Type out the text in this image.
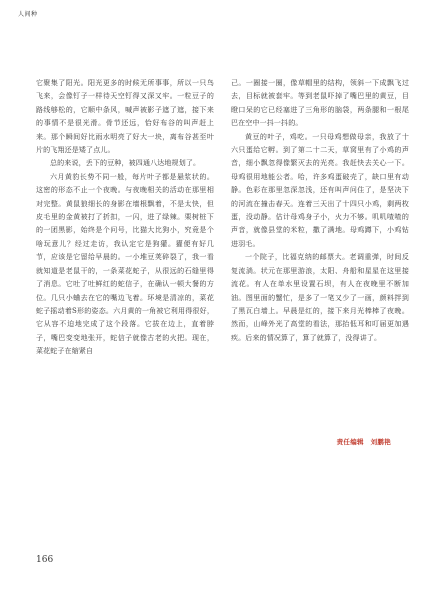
人间种

它聚集了阳光。阳光更多的时候无所事事，所以一只鸟飞来，会像钉子一样待天空钉得又深又牢。一粒豆子的路线够松的，它顺中条风，喊声被影子遮了遮，接下来的事情不是很光滑。骨节还远，恰好布谷的叫声赶上来。那个瞬间好比雨水明亮了好大一块，离布谷甚至叶片的飞翔还是矮了点儿。

总的来说，丢下的豆种，被四通八达地规划了。

六月黄豹长势不同一般，每片叶子都是悬浆状的。这密的形态不止一个夜晚。与夜晚相关的活动在那里相对完整。黄鼠狼细长的身影在墙根飘着，不是太快，但皮毛里的金黄被打了折扣，一闪，进了绿辣。栗树桩下的一团黑影，始终是个问号，比猫大比狗小，究竟是个啥玩意儿？经过走访，我认定它是狗獾。獾便有好几节，应该是它留给早晨的。一小堆豆荚碎裂了，我一看就知道是老鼠干的，一条菜花蛇子，从很远的石缝里得了消息。它吐了吐鲜红的蛇信子，在确认一顿大餐的方位。几只小蛐去在它的嘴边飞着。环境是清凉的，菜花蛇子摇动着S形的姿态。六月黄的一角被它利用得很好，它从容不迫地完成了这个段落。它拔在边上，直着脖子，嘴巴变变地张开，蛇信子就像古老的火把。现在，菜花蛇子在缩紧自

己。一圈接一圈，像草帽里的结构，领斜一下成飘飞过去，目标就被套牢。等到老鼠吓掉了嘴巴里的黄豆，目瞪口呆的它已经塞进了三角形的脑袋，两条腿和一根尾巴在空中一抖一抖的。

黄豆的叶子，鸡吃。一只母鸡想做母亲，我放了十六只蛋给它孵。到了第二十二天，草窝里有了小鸡的声音，细小飘忽得像繁灭去的光亮。我赶快去关心一下。母鸡很用地能公者。哈，许多鸡蛋破壳了，缺口里有动静。色彩在那里忽深忽浅，还有叫声问住了，是坚决下的河流在撞击春天。连着三天出了十四只小鸡，剩两枚蛋，没动静。估计母鸡身子小，火力不够。叽叽喳喳的声音，就像县堂的米粒，撒了满地。母鸡蹲下，小鸡钻进羽毛。

一个院子，比福克纳的邮票大。老调重弹，时间反复流淌。状元在那里游浪，太阳、舟船和星星在这里接流花。有人在单水里设置石坝，有人在夜晚里不断加油。图里面的蟹忙，是多了一笔又少了一画，颜料拌到了黑瓦白墙上。早晨是红的，接下来月光棒棒了夜晚。然而，山峰外光了高堂的看法，那抬低耳和叮届更加遇疾。后来的情况算了，算了就算了，没得讲了。

责任编辑　刘鹏艳
166
